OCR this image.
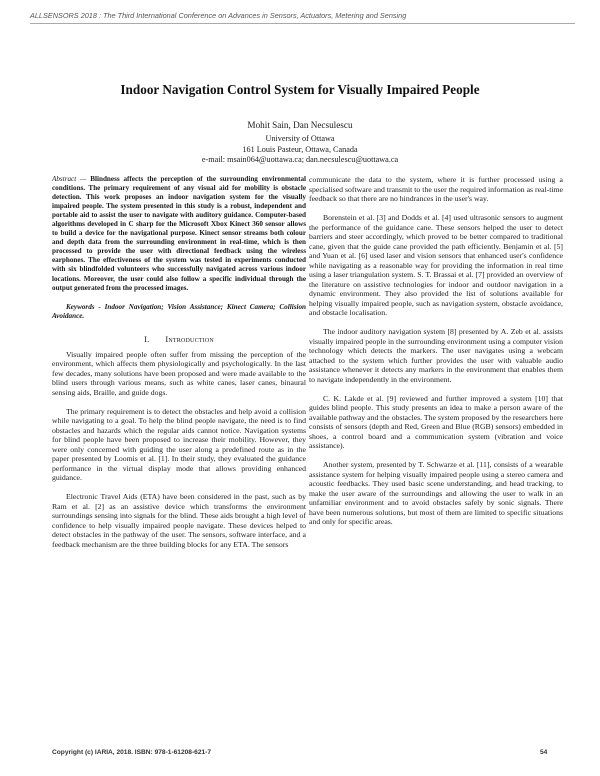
ALLSENSORS 2018 : The Third International Conference on Advances in Sensors, Actuators, Metering and Sensing
Indoor Navigation Control System for Visually Impaired People
Mohit Sain, Dan Necsulescu
University of Ottawa
161 Louis Pasteur, Ottawa, Canada
e-mail: msain064@uottawa.ca; dan.necsulescu@uottawa.ca

Abstract — Blindness affects the perception of the surrounding environmental conditions. The primary requirement of any visual aid for mobility is obstacle detection. This work proposes an indoor navigation system for the visually impaired people. The system presented in this study is a robust, independent and portable aid to assist the user to navigate with auditory guidance. Computer-based algorithms developed in C sharp for the Microsoft Xbox Kinect 360 sensor allows to build a device for the navigational purpose. Kinect sensor streams both colour and depth data from the surrounding environment in real-time, which is then processed to provide the user with directional feedback using the wireless earphones. The effectiveness of the system was tested in experiments conducted with six blindfolded volunteers who successfully navigated across various indoor locations. Moreover, the user could also follow a specific individual through the output generated from the processed images.

Keywords - Indoor Navigation; Vision Assistance; Kinect Camera; Collision Avoidance.

I. Introduction

Visually impaired people often suffer from missing the perception of the environment, which affects them physiologically and psychologically. In the last few decades, many solutions have been proposed and were made available to the blind users through various means, such as white canes, laser canes, binaural sensing aids, Braille, and guide dogs.

The primary requirement is to detect the obstacles and help avoid a collision while navigating to a goal. To help the blind people navigate, the need is to find obstacles and hazards which the regular aids cannot notice. Navigation systems for blind people have been proposed to increase their mobility. However, they were only concerned with guiding the user along a predefined route as in the paper presented by Loomis et al. [1]. In their study, they evaluated the guidance performance in the virtual display mode that allows providing enhanced guidance.

Electronic Travel Aids (ETA) have been considered in the past, such as by Ram et al. [2] as an assistive device which transforms the environment surroundings sensing into signals for the blind. These aids brought a high level of confidence to help visually impaired people navigate. These devices helped to detect obstacles in the pathway of the user. The sensors, software interface, and a feedback mechanism are the three building blocks for any ETA. The sensors

communicate the data to the system, where it is further processed using a specialised software and transmit to the user the required information as real-time feedback so that there are no hindrances in the user's way.

Borenstein et al. [3] and Dodds et al. [4] used ultrasonic sensors to augment the performance of the guidance cane. These sensors helped the user to detect barriers and steer accordingly, which proved to be better compared to traditional cane, given that the guide cane provided the path efficiently. Benjamin et al. [5] and Yuan et al. [6] used laser and vision sensors that enhanced user's confidence while navigating as a reasonable way for providing the information in real time using a laser triangulation system. S. T. Brassai et al. [7] provided an overview of the literature on assistive technologies for indoor and outdoor navigation in a dynamic environment. They also provided the list of solutions available for helping visually impaired people, such as navigation system, obstacle avoidance, and obstacle localisation.

The indoor auditory navigation system [8] presented by A. Zeb et al. assists visually impaired people in the surrounding environment using a computer vision technology which detects the markers. The user navigates using a webcam attached to the system which further provides the user with valuable audio assistance whenever it detects any markers in the environment that enables them to navigate independently in the environment.

C. K. Lakde et al. [9] reviewed and further improved a system [10] that guides blind people. This study presents an idea to make a person aware of the available pathway and the obstacles. The system proposed by the researchers here consists of sensors (depth and Red, Green and Blue (RGB) sensors) embedded in shoes, a control board and a communication system (vibration and voice assistance).

Another system, presented by T. Schwarze et al. [11], consists of a wearable assistance system for helping visually impaired people using a stereo camera and acoustic feedbacks. They used basic scene understanding, and head tracking, to make the user aware of the surroundings and allowing the user to walk in an unfamiliar environment and to avoid obstacles safely by sonic signals. There have been numerous solutions, but most of them are limited to specific situations and only for specific areas.

Copyright (c) IARIA, 2018. ISBN: 978-1-61208-621-7	54
